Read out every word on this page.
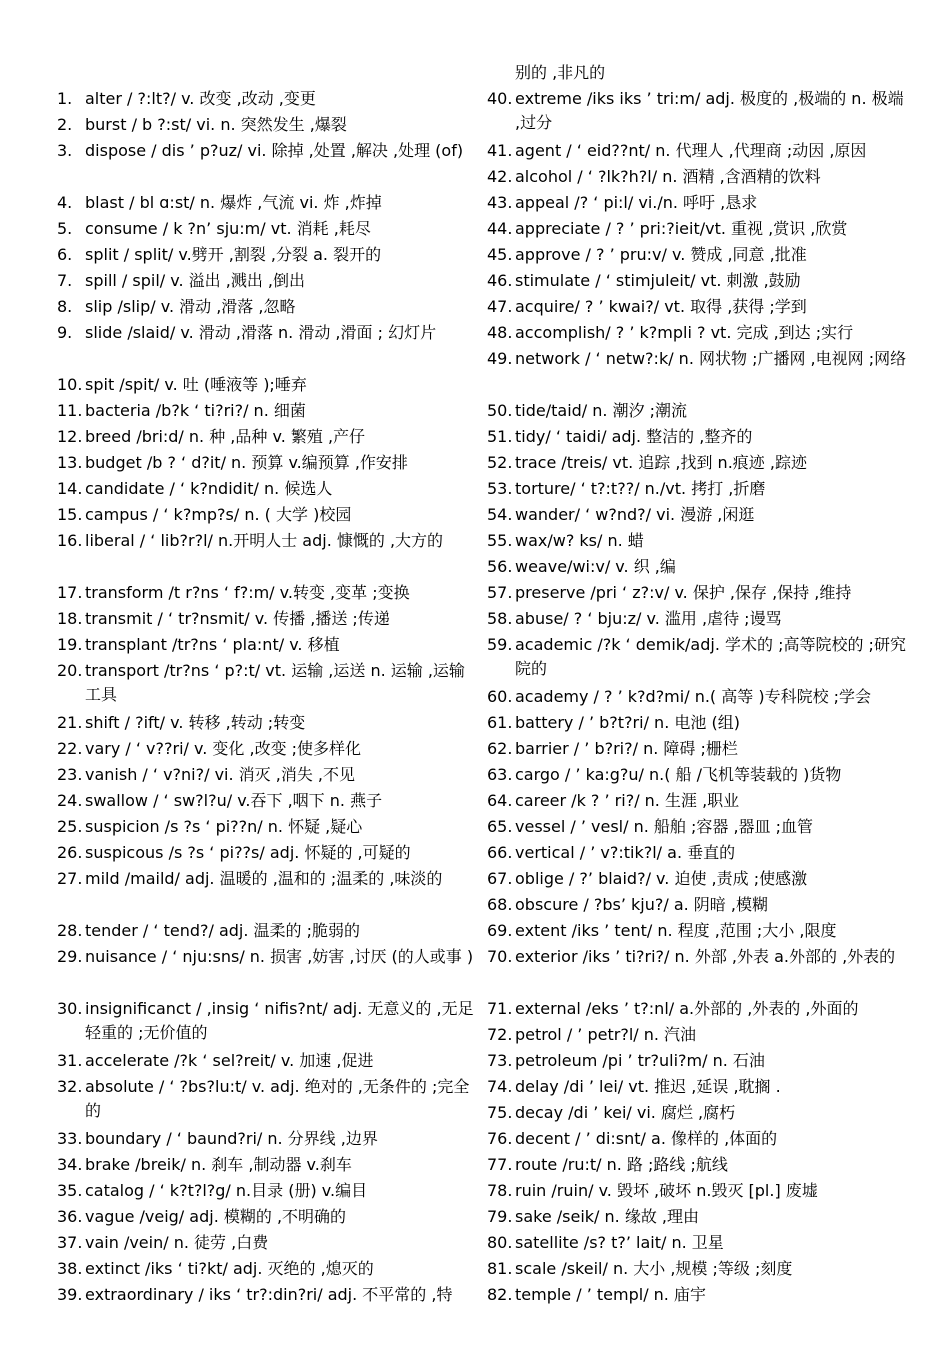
别的 ,非凡的
1. alter / ?:lt?/ v. 改变 ,改动 ,变更
2. burst / b ?:st/ vi. n. 突然发生 ,爆裂
3. dispose / dis ’ p?uz/ vi. 除掉 ,处置 ,解决 ,处理 (of)
4. blast / bl ɑ:st/ n. 爆炸 ,气流 vi. 炸 ,炸掉
5. consume / k ?n’ sju:m/ vt. 消耗 ,耗尽
6. split / split/ v.劈开 ,割裂 ,分裂 a. 裂开的
7. spill / spil/ v. 溢出 ,溅出 ,倒出
8. slip /slip/ v. 滑动 ,滑落 ,忽略
9. slide /slaid/ v. 滑动 ,滑落 n. 滑动 ,滑面 ; 幻灯片
10. spit /spit/ v. 吐 (唾液等 );唾弃
11. bacteria /b?k ‘ ti?ri?/ n. 细菌
12. breed /bri:d/ n. 种 ,品种 v. 繁殖 ,产仔
13. budget /b ? ‘ d?it/ n. 预算 v.编预算 ,作安排
14. candidate / ‘ k?ndidit/ n. 候选人
15. campus / ‘ k?mp?s/ n. ( 大学 )校园
16. liberal / ‘ lib?r?l/ n.开明人士 adj. 慷慨的 ,大方的
17. transform /t r?ns ‘ f?:m/ v.转变 ,变革 ;变换
18. transmit / ‘ tr?nsmit/ v. 传播 ,播送 ;传递
19. transplant /tr?ns ‘ pla:nt/ v. 移植
20. transport /tr?ns ‘ p?:t/ vt. 运输 ,运送 n. 运输 ,运输工具
21. shift / ?ift/ v. 转移 ,转动 ;转变
22. vary / ‘ v??ri/ v. 变化 ,改变 ;使多样化
23. vanish / ‘ v?ni?/ vi. 消灭 ,消失 ,不见
24. swallow / ‘ sw?l?u/ v.吞下 ,咽下 n. 燕子
25. suspicion /s ?s ‘ pi??n/ n. 怀疑 ,疑心
26. suspicous /s ?s ‘ pi??s/ adj. 怀疑的 ,可疑的
27. mild /maild/ adj. 温暖的 ,温和的 ;温柔的 ,味淡的
28. tender / ‘ tend?/ adj. 温柔的 ;脆弱的
29. nuisance / ‘ nju:sns/ n. 损害 ,妨害 ,讨厌 (的人或事 )
30. insignificanct / ,insig ‘ nifis?nt/ adj. 无意义的 ,无足轻重的 ;无价值的
31. accelerate /?k ‘ sel?reit/ v. 加速 ,促进
32. absolute / ‘ ?bs?lu:t/ v. adj. 绝对的 ,无条件的 ;完全的
33. boundary / ‘ baund?ri/ n. 分界线 ,边界
34. brake /breik/ n. 刹车 ,制动器 v.刹车
35. catalog / ‘ k?t?l?g/ n.目录 (册) v.编目
36. vague /veig/ adj. 模糊的 ,不明确的
37. vain /vein/ n. 徒劳 ,白费
38. extinct /iks ‘ ti?kt/ adj. 灭绝的 ,熄灭的
39. extraordinary / iks ‘ tr?:din?ri/ adj. 不平常的 ,特
40. extreme /iks iks ’ tri:m/ adj. 极度的 ,极端的 n. 极端 ,过分
41. agent / ‘ eid??nt/ n. 代理人 ,代理商 ;动因 ,原因
42. alcohol / ‘ ?lk?h?l/ n. 酒精 ,含酒精的饮料
43. appeal /? ‘ pi:l/ vi./n. 呼吁 ,恳求
44. appreciate / ? ’ pri:?ieit/vt. 重视 ,赏识 ,欣赏
45. approve / ? ’ pru:v/ v. 赞成 ,同意 ,批准
46. stimulate / ‘ stimjuleit/ vt. 刺激 ,鼓励
47. acquire/ ? ’ kwai?/ vt. 取得 ,获得 ;学到
48. accomplish/ ? ’ k?mpli ? vt. 完成 ,到达 ;实行
49. network / ‘ netw?:k/ n. 网状物 ;广播网 ,电视网 ;网络
50. tide/taid/ n. 潮汐 ;潮流
51. tidy/ ‘ taidi/ adj. 整洁的 ,整齐的
52. trace /treis/ vt. 追踪 ,找到 n.痕迹 ,踪迹
53. torture/ ‘ t?:t??/ n./vt. 拷打 ,折磨
54. wander/ ‘ w?nd?/ vi. 漫游 ,闲逛
55. wax/w? ks/ n. 蜡
56. weave/wi:v/ v. 织 ,编
57. preserve /pri ‘ z?:v/ v. 保护 ,保存 ,保持 ,维持
58. abuse/ ? ‘ bju:z/ v. 滥用 ,虐待 ;谩骂
59. academic /?k ‘ demik/adj. 学术的 ;高等院校的 ;研究院的
60. academy / ? ’ k?d?mi/ n.( 高等 )专科院校 ;学会
61. battery / ’ b?t?ri/ n. 电池 (组)
62. barrier / ’ b?ri?/ n. 障碍 ;栅栏
63. cargo / ’ ka:g?u/ n.( 船 /飞机等装载的 )货物
64. career /k ? ’ ri?/ n. 生涯 ,职业
65. vessel / ’ vesl/ n. 船舶 ;容器 ,器皿 ;血管
66. vertical / ’ v?:tik?l/ a. 垂直的
67. oblige / ?’ blaid?/ v. 迫使 ,责成 ;使感激
68. obscure / ?bs’ kju?/ a. 阴暗 ,模糊
69. extent /iks ’ tent/ n. 程度 ,范围 ;大小 ,限度
70. exterior /iks ’ ti?ri?/ n. 外部 ,外表 a.外部的 ,外表的
71. external /eks ’ t?:nl/ a.外部的 ,外表的 ,外面的
72. petrol / ’ petr?l/ n. 汽油
73. petroleum /pi ’ tr?uli?m/ n. 石油
74. delay /di ’ lei/ vt. 推迟 ,延误 ,耽搁 .
75. decay /di ’ kei/ vi. 腐烂 ,腐朽
76. decent / ’ di:snt/ a. 像样的 ,体面的
77. route /ru:t/ n. 路 ;路线 ;航线
78. ruin /ruin/ v. 毁坏 ,破坏 n.毁灭 [pl.] 废墟
79. sake /seik/ n. 缘故 ,理由
80. satellite /s? t?’ lait/ n. 卫星
81. scale /skeil/ n. 大小 ,规模 ;等级 ;刻度
82. temple / ’ templ/ n. 庙宇
